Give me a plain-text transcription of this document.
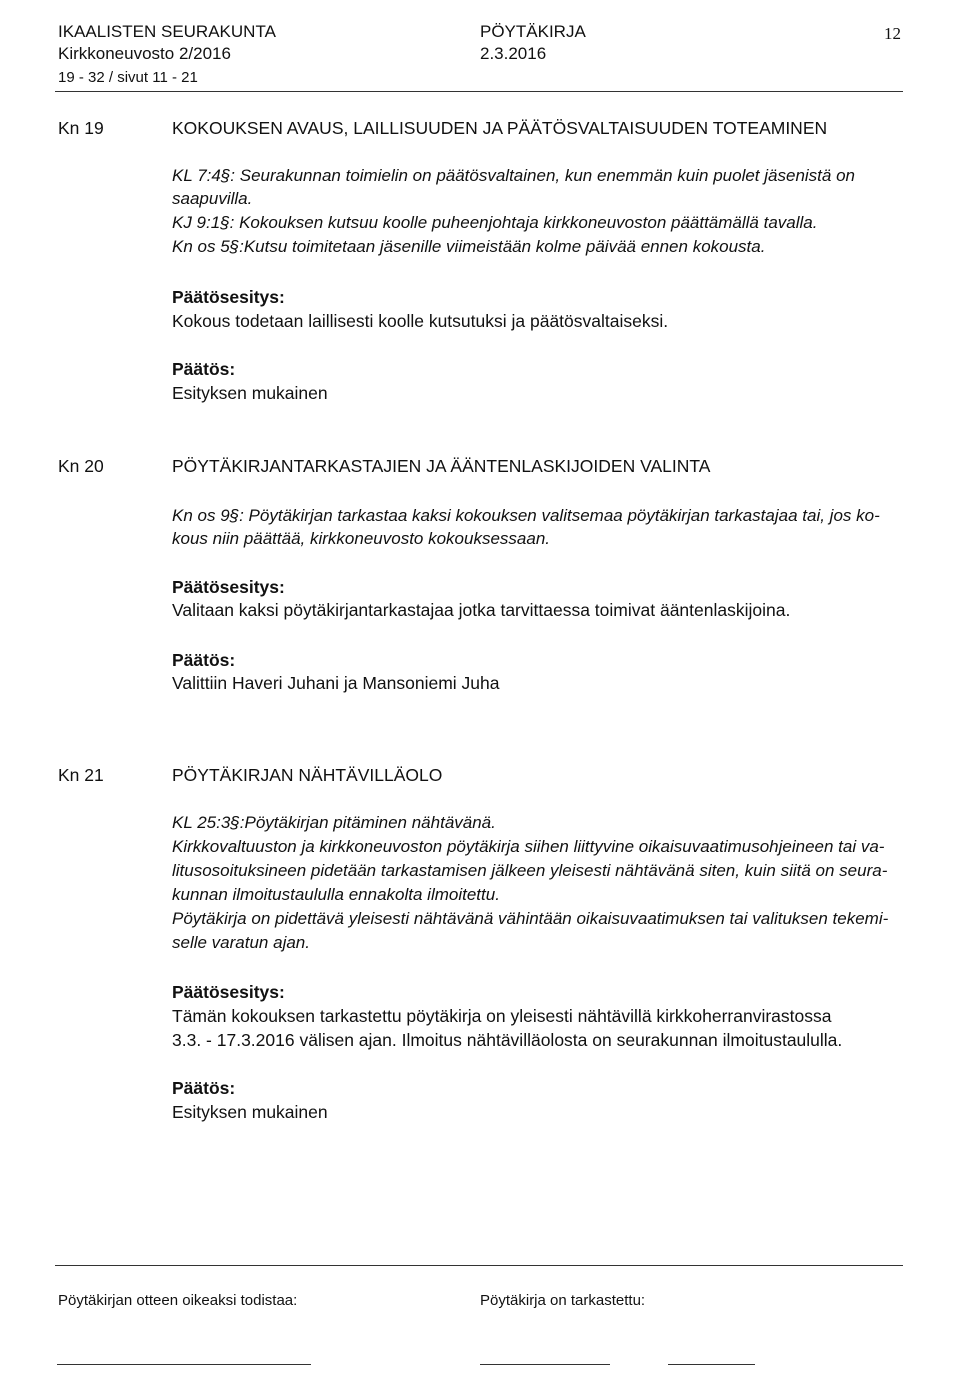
IKAALISTEN SEURAKUNTA	PÖYTÄKIRJA	12
Kirkkoneuvosto 2/2016	2.3.2016
19 - 32 / sivut 11 - 21
Kn 19	KOKOUKSEN AVAUS, LAILLISUUDEN JA PÄÄTÖSVALTAISUUDEN TOTEAMINEN
KL 7:4§: Seurakunnan toimielin on päätösvaltainen, kun enemmän kuin puolet jäsenistä on
saapuvilla.
KJ 9:1§: Kokouksen kutsuu koolle puheenjohtaja kirkkoneuvoston päättämällä tavalla.
Kn os 5§:Kutsu toimitetaan jäsenille viimeistään kolme päivää ennen kokousta.
Päätösesitys:
Kokous todetaan laillisesti koolle kutsutuksi ja päätösvaltaiseksi.
Päätös:
Esityksen mukainen
Kn 20	PÖYTÄKIRJANTARKASTAJIEN JA ÄÄNTENLASKIJOIDEN VALINTA
Kn os 9§: Pöytäkirjan tarkastaa kaksi kokouksen valitsemaa pöytäkirjan tarkastajaa tai, jos ko-
kous niin päättää, kirkkoneuvosto kokouksessaan.
Päätösesitys:
Valitaan kaksi pöytäkirjantarkastajaa jotka tarvittaessa toimivat ääntenlaskijoina.
Päätös:
Valittiin Haveri Juhani ja Mansoniemi Juha
Kn 21	PÖYTÄKIRJAN NÄHTÄVILLÄOLO
KL 25:3§:Pöytäkirjan pitäminen nähtävänä.
Kirkkovaltuuston ja kirkkoneuvoston pöytäkirja siihen liittyvine oikaisuvaatimusohjeineen tai va-
litusosoituksineen pidetään tarkastamisen jälkeen yleisesti nähtävänä siten, kuin siitä on seura-
kunnan ilmoitustaululla ennakolta ilmoitettu.
Pöytäkirja on pidettävä yleisesti nähtävänä vähintään oikaisuvaatimuksen tai valituksen tekemi-
selle varatun ajan.
Päätösesitys:
Tämän kokouksen tarkastettu pöytäkirja on yleisesti nähtävillä kirkkoherranvirastossa
3.3. - 17.3.2016 välisen ajan. Ilmoitus nähtävilläolosta on seurakunnan ilmoitustaululla.
Päätös:
Esityksen mukainen
Pöytäkirjan otteen oikeaksi todistaa:	Pöytäkirja on tarkastettu:
